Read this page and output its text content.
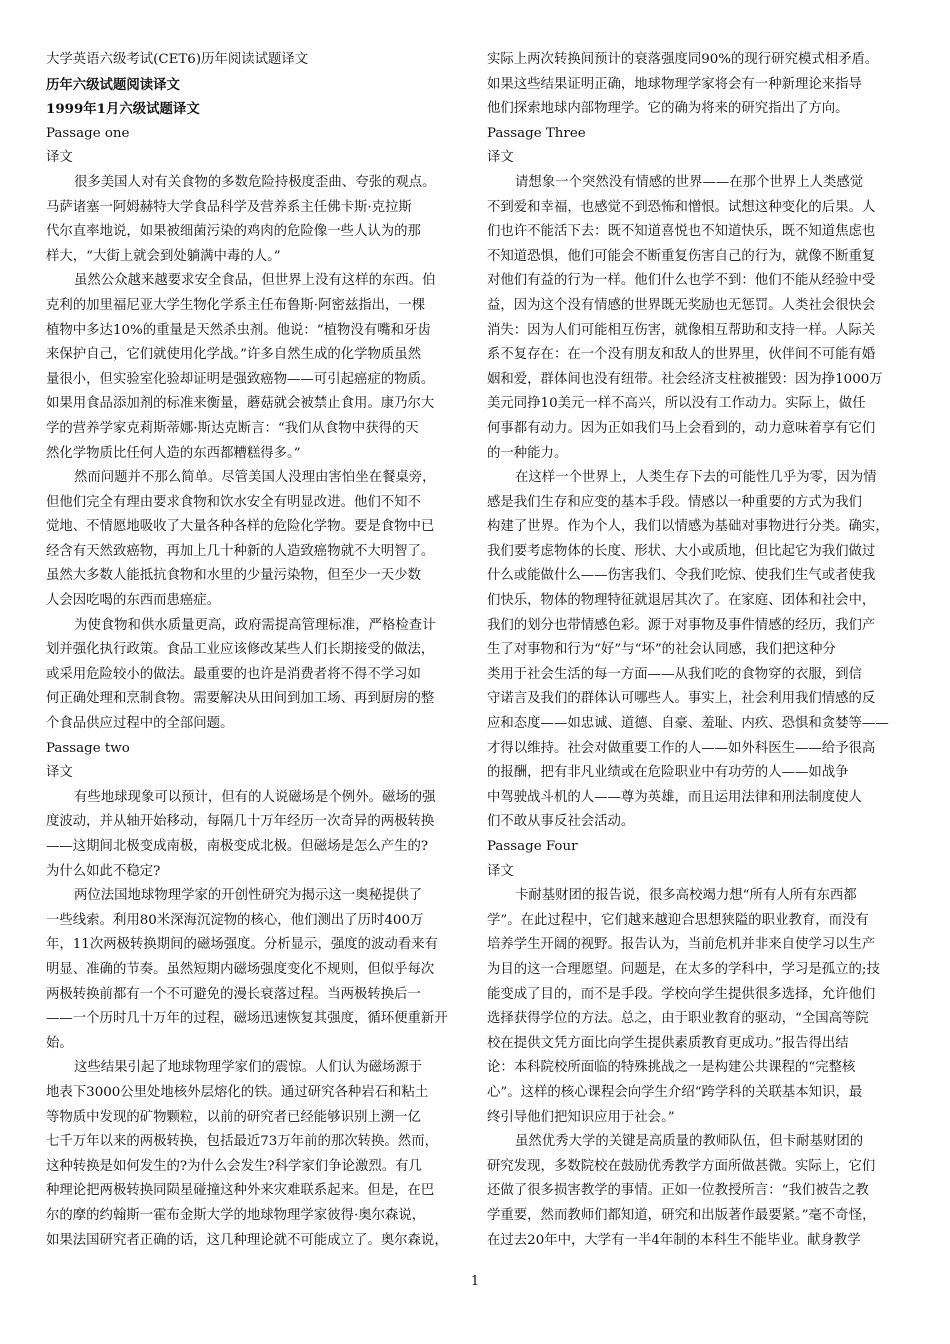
大学英语六级考试(CET6)历年阅读试题译文
历年六级试题阅读译文
1999年1月六级试题译文
Passage one
译文
很多美国人对有关食物的多数危险持极度歪曲、夸张的观点。
马萨诸塞一阿姆赫特大学食品科学及营养系主任佛卡斯·克拉斯
代尔直率地说，如果被细菌污染的鸡肉的危险像一些人认为的那
样大，“大街上就会到处躺满中毒的人。”
虽然公众越来越要求安全食品，但世界上没有这样的东西。伯
克利的加里福尼亚大学生物化学系主任布鲁斯·阿密兹指出，一棵
植物中多达10%的重量是天然杀虫剂。他说：“植物没有嘴和牙齿
来保护自己，它们就使用化学战。”许多自然生成的化学物质虽然
量很小，但实验室化验却证明是强致癌物——可引起癌症的物质。
如果用食品添加剂的标准来衡量，蘑菇就会被禁止食用。康乃尔大
学的营养学家克莉斯蒂娜·斯达克断言：“我们从食物中获得的天
然化学物质比任何人造的东西都糟糕得多。”
然而问题并不那么简单。尽管美国人没理由害怕坐在餐桌旁，
但他们完全有理由要求食物和饮水安全有明显改进。他们不知不
觉地、不情愿地吸收了大量各种各样的危险化学物。要是食物中已
经含有天然致癌物，再加上几十种新的人造致癌物就不大明智了。
虽然大多数人能抵抗食物和水里的少量污染物，但至少一天少数
人会因吃喝的东西而患癌症。
为使食物和供水质量更高，政府需提高管理标准，严格检查计
划并强化执行政策。食品工业应该修改某些人们长期接受的做法，
或采用危险较小的做法。最重要的也许是消费者将不得不学习如
何正确处理和烹制食物。需要解决从田间到加工场、再到厨房的整
个食品供应过程中的全部问题。
Passage two
译文
有些地球现象可以预计，但有的人说磁场是个例外。磁场的强
度波动，并从轴开始移动，每隔几十万年经历一次奇异的两极转换
——这期间北极变成南极，南极变成北极。但磁场是怎么产生的?
为什么如此不稳定?
两位法国地球物理学家的开创性研究为揭示这一奥秘提供了
一些线索。利用80米深海沉淀物的核心，他们测出了历时400万
年，11次两极转换期间的磁场强度。分析显示，强度的波动看来有
明显、准确的节奏。虽然短期内磁场强度变化不规则，但似乎每次
两极转换前都有一个不可避免的漫长衰落过程。当两极转换后一
——一个历时几十万年的过程，磁场迅速恢复其强度，循环便重新开
始。
这些结果引起了地球物理学家们的震惊。人们认为磁场源于
地表下3000公里处地核外层熔化的铁。通过研究各种岩石和粘土
等物质中发现的矿物颗粒，以前的研究者已经能够识别上溯一亿
七千万年以来的两极转换，包括最近73万年前的那次转换。然而，
这种转换是如何发生的?为什么会发生?科学家们争论激烈。有几
种理论把两极转换同陨星碰撞这种外来灾难联系起来。但是，在巴
尔的摩的约翰斯一霍布金斯大学的地球物理学家彼得·奥尔森说，
如果法国研究者正确的话，这几种理论就不可能成立了。奥尔森说，
实际上两次转换间预计的衰落强度同90%的现行研究模式相矛盾。
如果这些结果证明正确，地球物理学家将会有一种新理论来指导
他们探索地球内部物理学。它的确为将来的研究指出了方向。
Passage Three
译文
请想象一个突然没有情感的世界——在那个世界上人类感觉
不到爱和幸福，也感觉不到恐怖和憎恨。试想这种变化的后果。人
们也许不能活下去：既不知道喜悦也不知道快乐，既不知道焦虑也
不知道恐惧，他们可能会不断重复伤害自己的行为，就像不断重复
对他们有益的行为一样。他们什么也学不到：他们不能从经验中受
益，因为这个没有情感的世界既无奖励也无惩罚。人类社会很快会
消失：因为人们可能相互伤害，就像相互帮助和支持一样。人际关
系不复存在：在一个没有朋友和敌人的世界里，伙伴间不可能有婚
姻和爱，群体间也没有纽带。社会经济支柱被摧毁：因为挣1000万
美元同挣10美元一样不高兴，所以没有工作动力。实际上，做任
何事都有动力。因为正如我们马上会看到的，动力意味着享有它们
的一种能力。
在这样一个世界上，人类生存下去的可能性几乎为零，因为情
感是我们生存和应变的基本手段。情感以一种重要的方式为我们
构建了世界。作为个人，我们以情感为基础对事物进行分类。确实，
我们要考虑物体的长度、形状、大小或质地，但比起它为我们做过
什么或能做什么——伤害我们、令我们吃惊、使我们生气或者使我
们快乐，物体的物理特征就退居其次了。在家庭、团体和社会中，
我们的划分也带情感色彩。源于对事物及事件情感的经历，我们产
生了对事物和行为“好”与“坏”的社会认同感，我们把这种分
类用于社会生活的每一方面——从我们吃的食物穿的衣服，到信
守诺言及我们的群体认可哪些人。事实上，社会利用我们情感的反
应和态度——如忠诚、道德、自豪、羞耻、内疚、恐惧和贪婪等——
才得以维持。社会对做重要工作的人——如外科医生——给予很高
的报酬，把有非凡业绩或在危险职业中有功劳的人——如战争
中驾驶战斗机的人——尊为英雄，而且运用法律和刑法制度使人
们不敢从事反社会活动。
Passage Four
译文
卡耐基财团的报告说，很多高校竭力想“所有人所有东西都
学”。在此过程中，它们越来越迎合思想狭隘的职业教育，而没有
培养学生开阔的视野。报告认为，当前危机并非来自使学习以生产
为目的这一合理愿望。问题是，在太多的学科中，学习是孤立的;技
能变成了目的，而不是手段。学校向学生提供很多选择，允许他们
选择获得学位的方法。总之，由于职业教育的驱动，“全国高等院
校在提供文凭方面比向学生提供素质教育更成功。”报告得出结
论：本科院校所面临的特殊挑战之一是构建公共课程的“完整核
心”。这样的核心课程会向学生介绍“跨学科的关联基本知识，最
终引导他们把知识应用于社会。”
虽然优秀大学的关键是高质量的教师队伍，但卡耐基财团的
研究发现，多数院校在鼓励优秀教学方面所做甚微。实际上，它们
还做了很多损害教学的事情。正如一位教授所言：“我们被告之教
学重要，然而教师们都知道，研究和出版著作最要紧。”毫不奇怪，
在过去20年中，大学有一半4年制的本科生不能毕业。献身教学
1
